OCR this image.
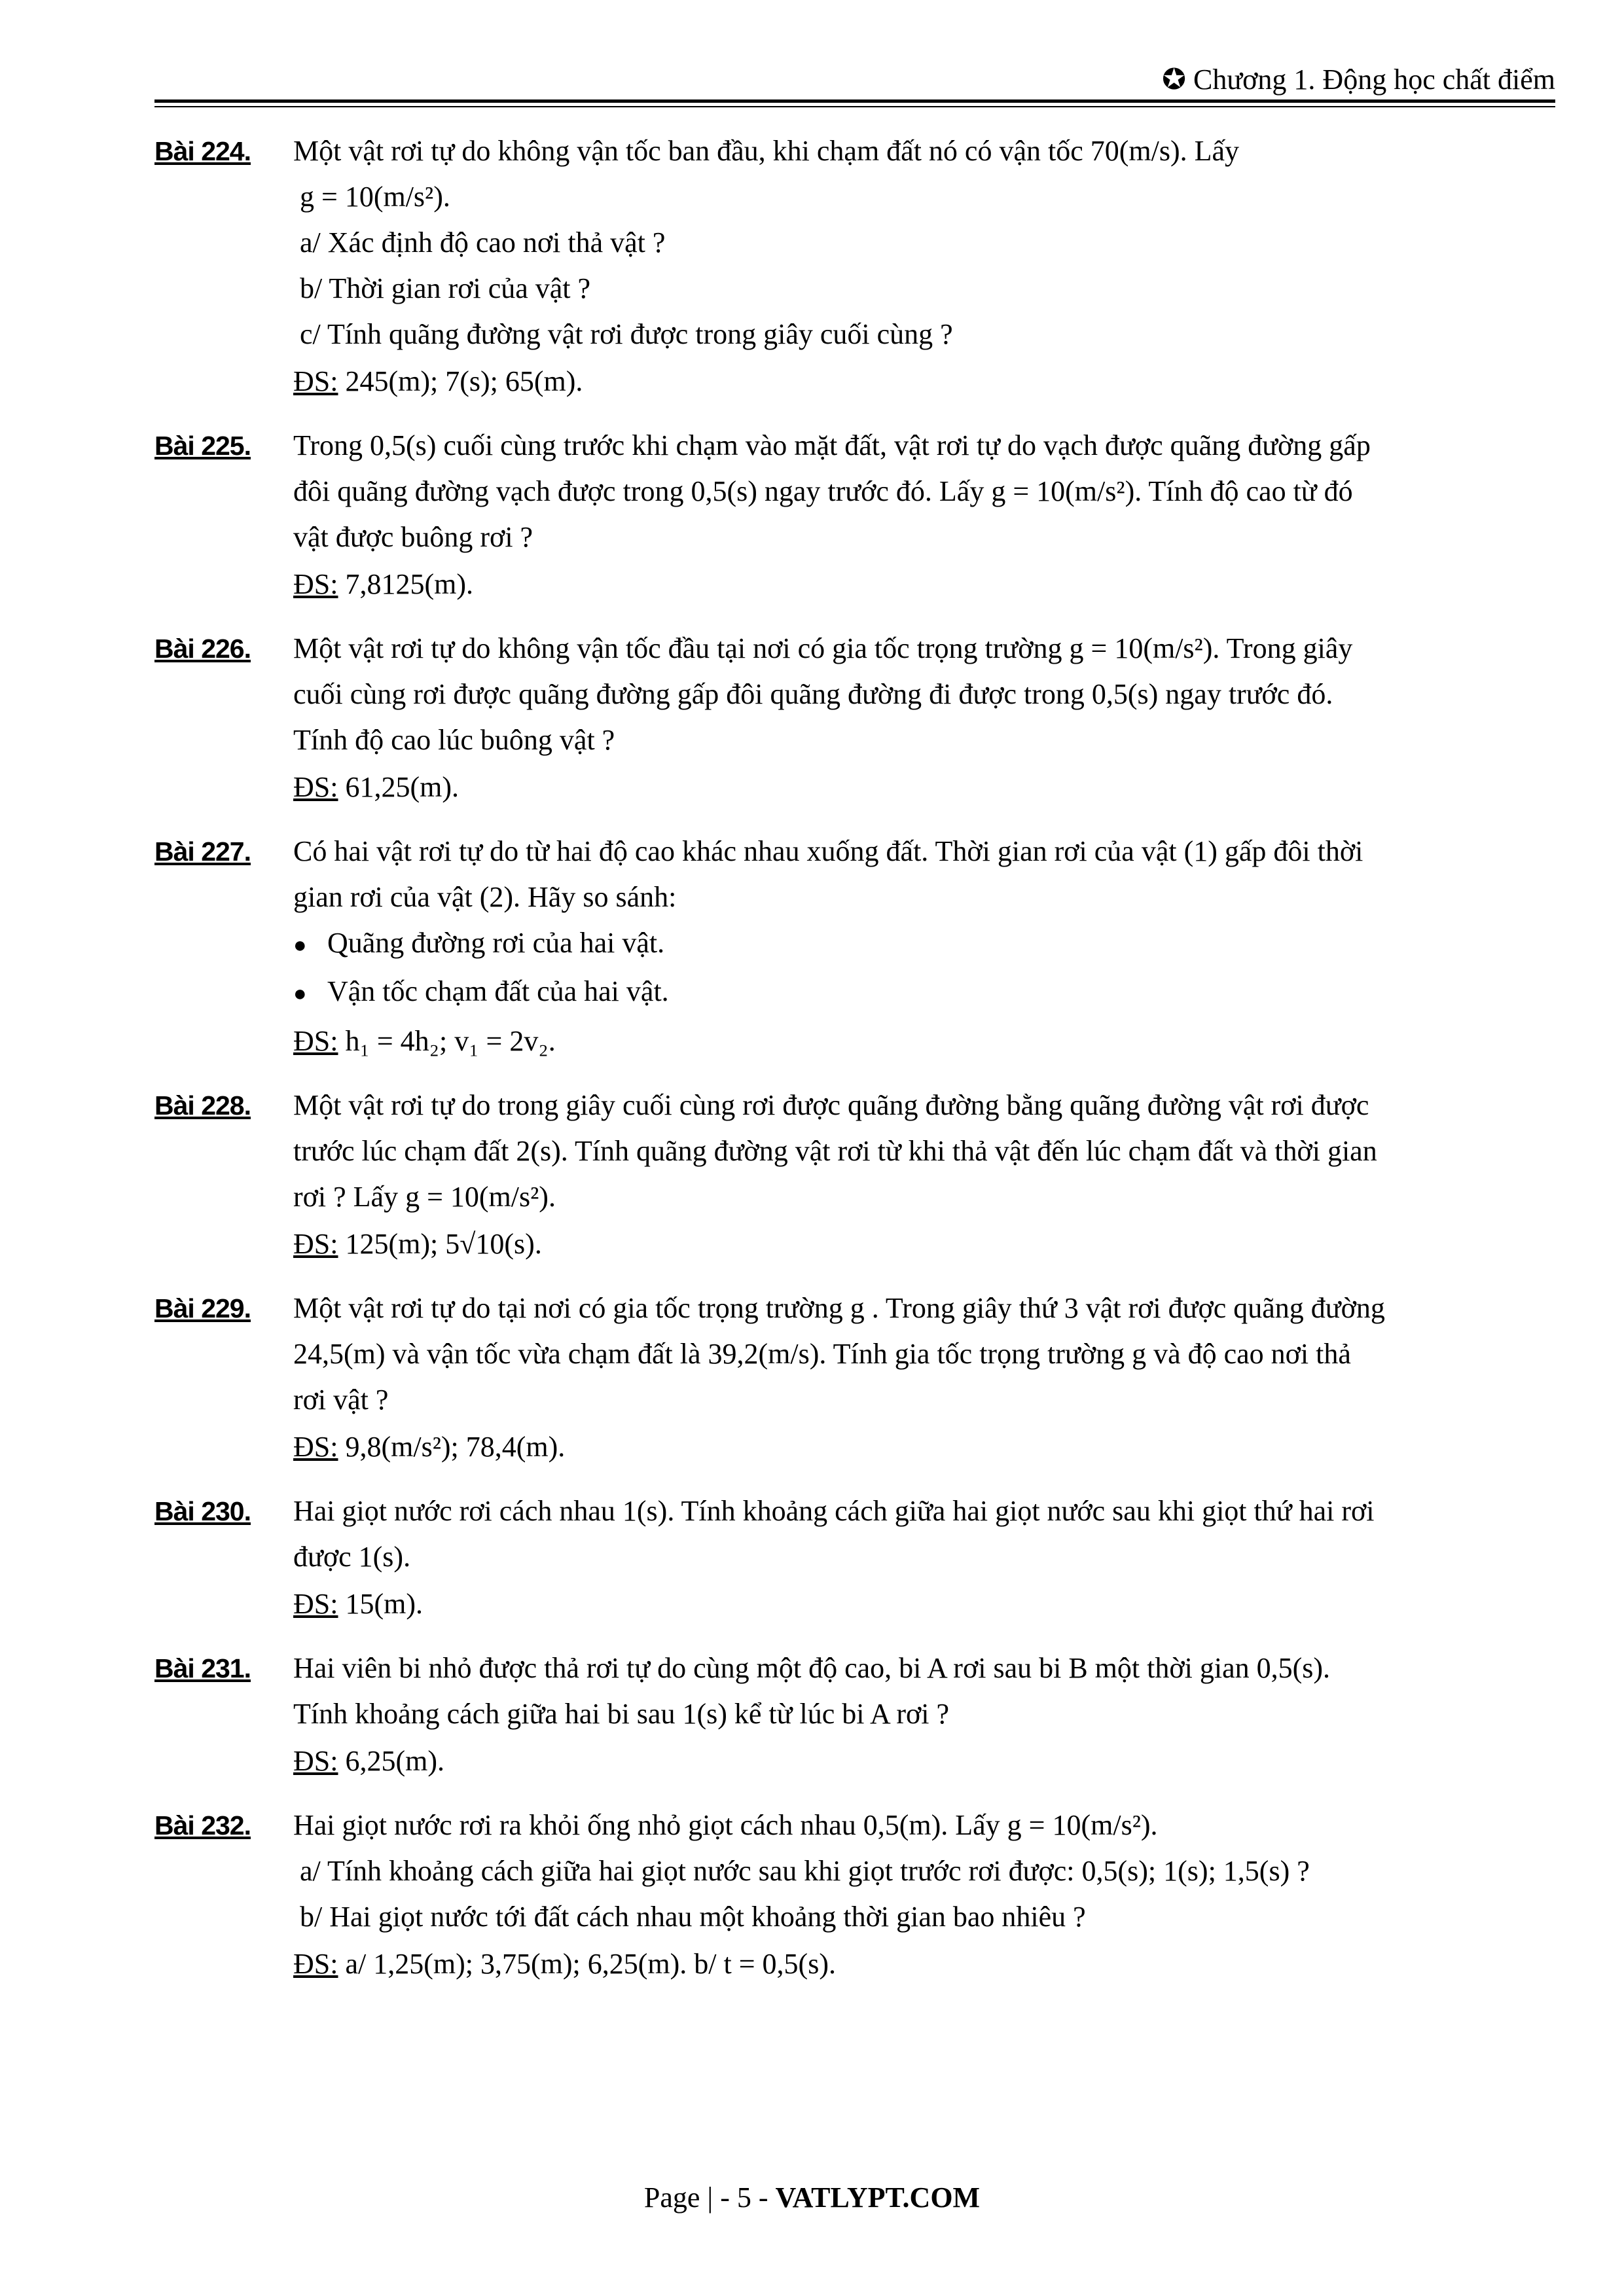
✪ Chương 1. Động học chất điểm
Bài 224. Một vật rơi tự do không vận tốc ban đầu, khi chạm đất nó có vận tốc 70(m/s). Lấy
g = 10(m/s²).
a/ Xác định độ cao nơi thả vật ?
b/ Thời gian rơi của vật ?
c/ Tính quãng đường vật rơi được trong giây cuối cùng ?
ĐS: 245(m); 7(s); 65(m).
Bài 225. Trong 0,5(s) cuối cùng trước khi chạm vào mặt đất, vật rơi tự do vạch được quãng đường gấp
đôi quãng đường vạch được trong 0,5(s) ngay trước đó. Lấy g = 10(m/s²). Tính độ cao từ đó
vật được buông rơi ?
ĐS: 7,8125(m).
Bài 226. Một vật rơi tự do không vận tốc đầu tại nơi có gia tốc trọng trường g = 10(m/s²). Trong giây
cuối cùng rơi được quãng đường gấp đôi quãng đường đi được trong 0,5(s) ngay trước đó.
Tính độ cao lúc buông vật ?
ĐS: 61,25(m).
Bài 227. Có hai vật rơi tự do từ hai độ cao khác nhau xuống đất. Thời gian rơi của vật (1) gấp đôi thời
gian rơi của vật (2). Hãy so sánh:
● Quãng đường rơi của hai vật.
● Vận tốc chạm đất của hai vật.
ĐS: h₁ = 4h₂; v₁ = 2v₂.
Bài 228. Một vật rơi tự do trong giây cuối cùng rơi được quãng đường bằng quãng đường vật rơi được
trước lúc chạm đất 2(s). Tính quãng đường vật rơi từ khi thả vật đến lúc chạm đất và thời gian
rơi ? Lấy g = 10(m/s²).
ĐS: 125(m); 5√10(s).
Bài 229. Một vật rơi tự do tại nơi có gia tốc trọng trường g . Trong giây thứ 3 vật rơi được quãng đường
24,5(m) và vận tốc vừa chạm đất là 39,2(m/s). Tính gia tốc trọng trường g và độ cao nơi thả
rơi vật ?
ĐS: 9,8(m/s²); 78,4(m).
Bài 230. Hai giọt nước rơi cách nhau 1(s). Tính khoảng cách giữa hai giọt nước sau khi giọt thứ hai rơi
được 1(s).
ĐS: 15(m).
Bài 231. Hai viên bi nhỏ được thả rơi tự do cùng một độ cao, bi A rơi sau bi B một thời gian 0,5(s).
Tính khoảng cách giữa hai bi sau 1(s) kể từ lúc bi A rơi ?
ĐS: 6,25(m).
Bài 232. Hai giọt nước rơi ra khỏi ống nhỏ giọt cách nhau 0,5(m). Lấy g = 10(m/s²).
a/ Tính khoảng cách giữa hai giọt nước sau khi giọt trước rơi được: 0,5(s); 1(s); 1,5(s) ?
b/ Hai giọt nước tới đất cách nhau một khoảng thời gian bao nhiêu ?
ĐS: a/ 1,25(m); 3,75(m); 6,25(m). b/ t = 0,5(s).
Page | - 5 - VATLYPT.COM
